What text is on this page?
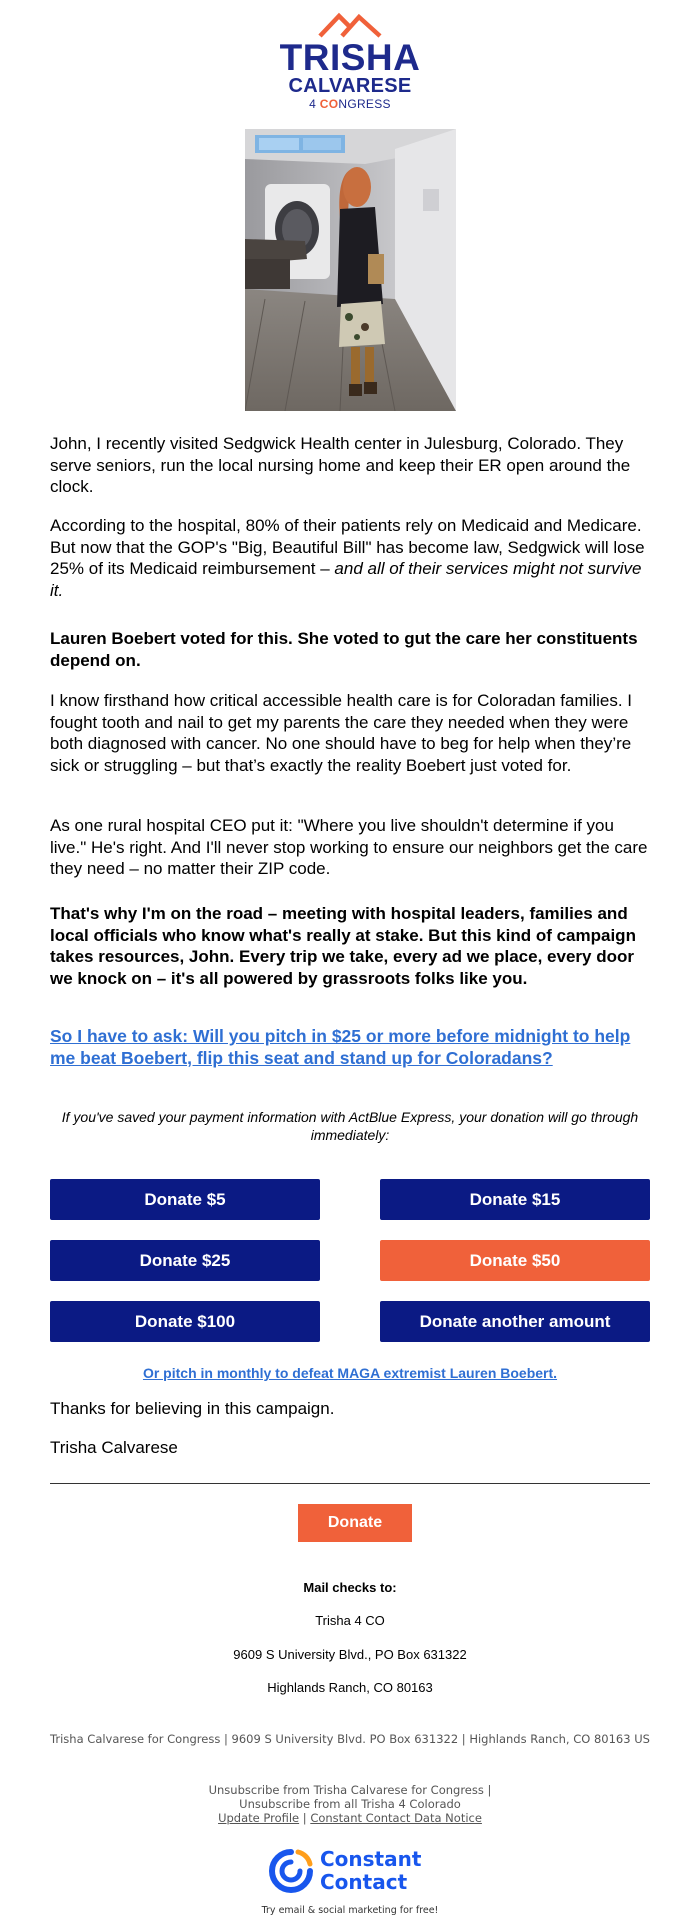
TRISHA
CALVARESE
4 CONGRESS

John, I recently visited Sedgwick Health center in Julesburg, Colorado. They serve seniors, run the local nursing home and keep their ER open around the clock.

According to the hospital, 80% of their patients rely on Medicaid and Medicare. But now that the GOP's "Big, Beautiful Bill" has become law, Sedgwick will lose 25% of its Medicaid reimbursement – and all of their services might not survive it.

Lauren Boebert voted for this. She voted to gut the care her constituents depend on.

I know firsthand how critical accessible health care is for Coloradan families. I fought tooth and nail to get my parents the care they needed when they were both diagnosed with cancer. No one should have to beg for help when they’re sick or struggling – but that’s exactly the reality Boebert just voted for.

As one rural hospital CEO put it: "Where you live shouldn't determine if you live." He's right. And I'll never stop working to ensure our neighbors get the care they need – no matter their ZIP code.

That's why I'm on the road – meeting with hospital leaders, families and local officials who know what's really at stake. But this kind of campaign takes resources, John. Every trip we take, every ad we place, every door we knock on – it's all powered by grassroots folks like you.

So I have to ask: Will you pitch in $25 or more before midnight to help me beat Boebert, flip this seat and stand up for Coloradans?
If you've saved your payment information with ActBlue Express, your donation will go through immediately:
Donate $5	Donate $15
Donate $25	Donate $50
Donate $100	Donate another amount
Or pitch in monthly to defeat MAGA extremist Lauren Boebert.
Thanks for believing in this campaign.
Trisha Calvarese
Donate
Mail checks to:
Trisha 4 CO
9609 S University Blvd., PO Box 631322
Highlands Ranch, CO 80163
Trisha Calvarese for Congress | 9609 S University Blvd. PO Box 631322 | Highlands Ranch, CO 80163 US
Unsubscribe from Trisha Calvarese for Congress |
Unsubscribe from all Trisha 4 Colorado
Update Profile | Constant Contact Data Notice
Constant
Contact
Try email & social marketing for free!
